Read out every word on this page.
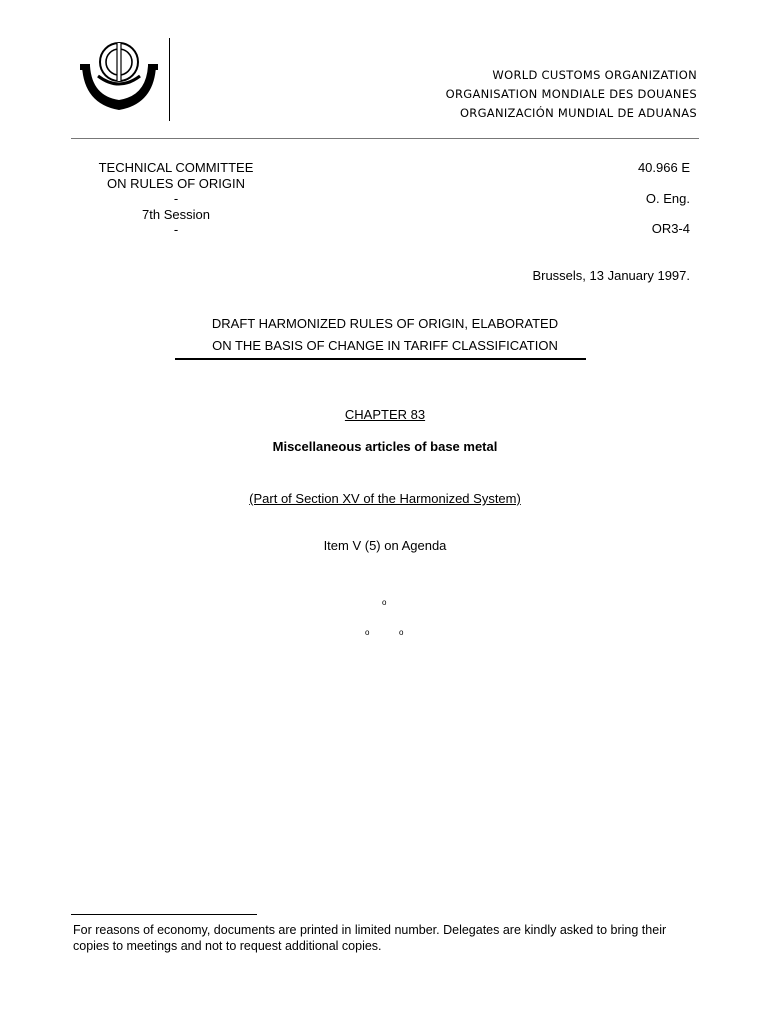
WORLD CUSTOMS ORGANIZATION
ORGANISATION MONDIALE DES DOUANES
ORGANIZACIÓN MUNDIAL DE ADUANAS
TECHNICAL COMMITTEE
ON RULES OF ORIGIN
-
7th Session
-
40.966 E
O. Eng.
OR3-4
Brussels, 13 January 1997.
DRAFT HARMONIZED RULES OF ORIGIN, ELABORATED
ON THE BASIS OF CHANGE IN TARIFF CLASSIFICATION
CHAPTER 83
Miscellaneous articles of base metal
(Part of Section XV of the Harmonized System)
Item V (5) on Agenda
o
o	o
For reasons of economy, documents are printed in limited number. Delegates are kindly asked to bring their copies to meetings and not to request additional copies.
